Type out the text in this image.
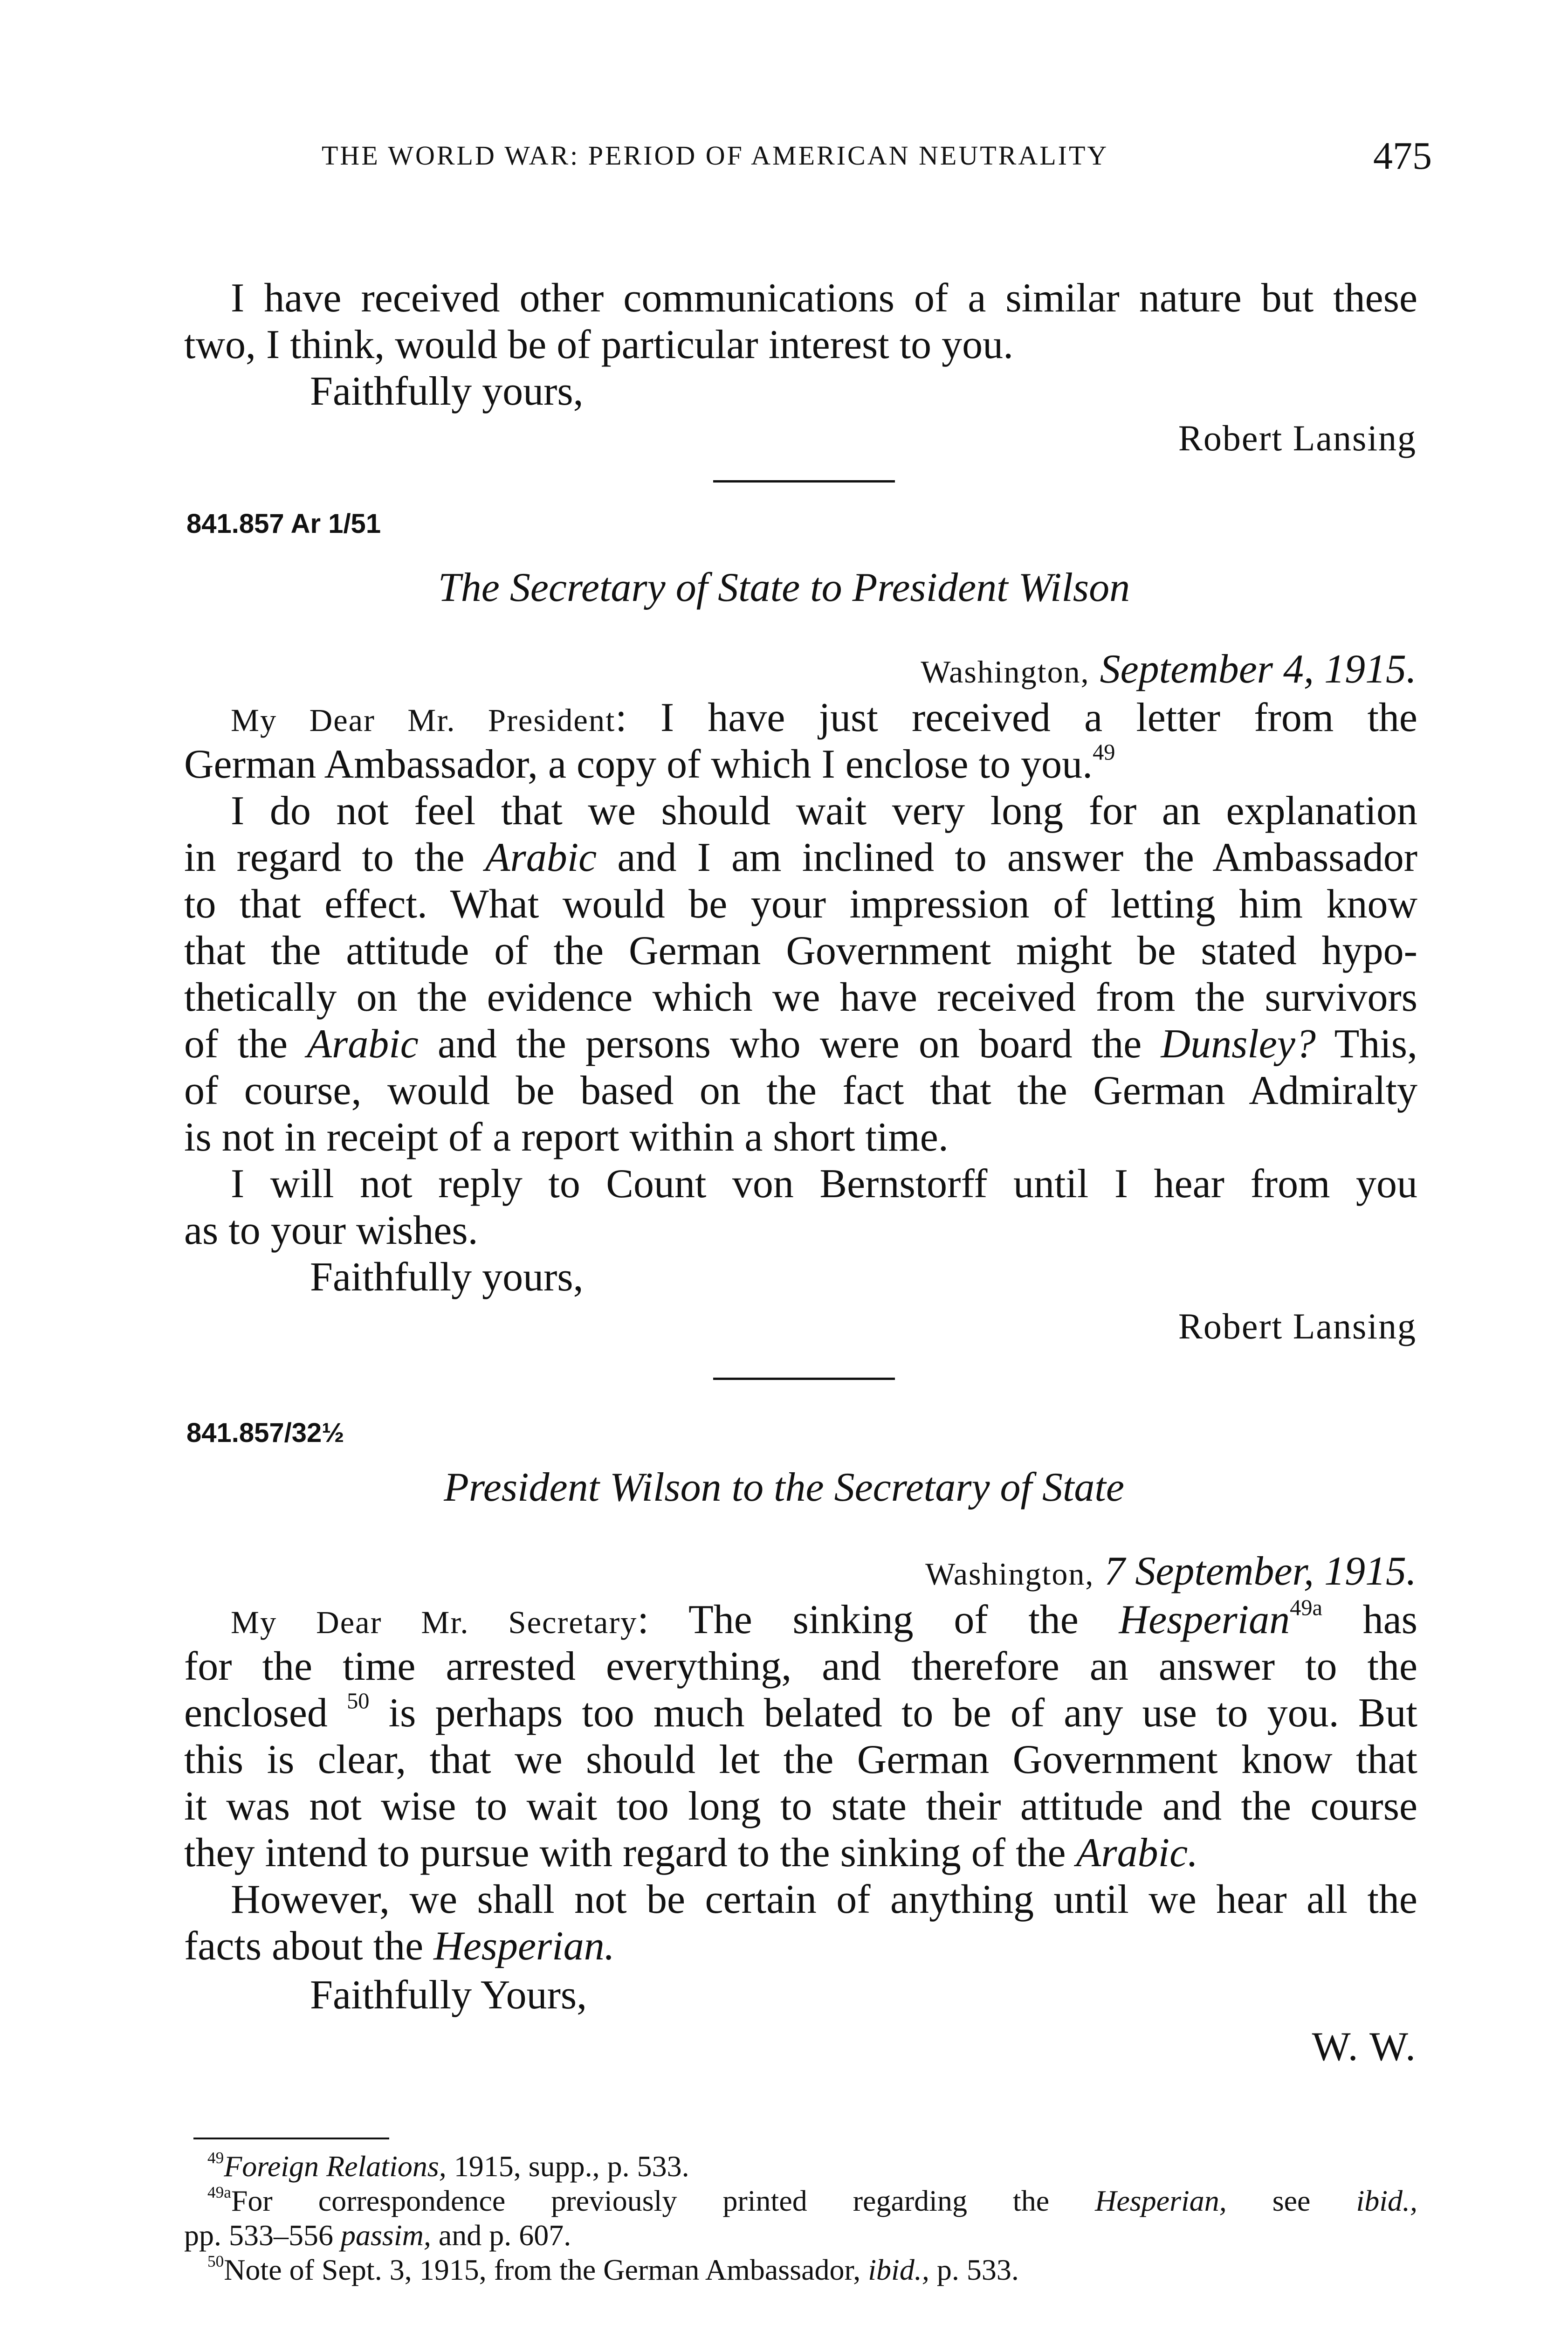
THE WORLD WAR: PERIOD OF AMERICAN NEUTRALITY	475
I have received other communications of a similar nature but these
two, I think, would be of particular interest to you.
Faithfully yours,
Robert Lansing
841.857 Ar 1/51
The Secretary of State to President Wilson
Washington, September 4, 1915.
My Dear Mr. President: I have just received a letter from the
German Ambassador, a copy of which I enclose to you.$^{49}$
I do not feel that we should wait very long for an explanation
in regard to the Arabic and I am inclined to answer the Ambassador
to that effect. What would be your impression of letting him know
that the attitude of the German Government might be stated hypo-
thetically on the evidence which we have received from the survivors
of the Arabic and the persons who were on board the Dunsley? This,
of course, would be based on the fact that the German Admiralty
is not in receipt of a report within a short time.
I will not reply to Count von Bernstorff until I hear from you
as to your wishes.
Faithfully yours,
Robert Lansing
841.857/32½
President Wilson to the Secretary of State
Washington, 7 September, 1915.
My Dear Mr. Secretary: The sinking of the Hesperian$^{49a}$ has
for the time arrested everything, and therefore an answer to the
enclosed $^{50}$ is perhaps too much belated to be of any use to you. But
this is clear, that we should let the German Government know that
it was not wise to wait too long to state their attitude and the course
they intend to pursue with regard to the sinking of the Arabic.
However, we shall not be certain of anything until we hear all the
facts about the Hesperian.
Faithfully Yours,
W. W.
$^{49}$Foreign Relations, 1915, supp., p. 533.
$^{49a}$For correspondence previously printed regarding the Hesperian, see ibid.,
pp. 533–556 passim, and p. 607.
$^{50}$Note of Sept. 3, 1915, from the German Ambassador, ibid., p. 533.
